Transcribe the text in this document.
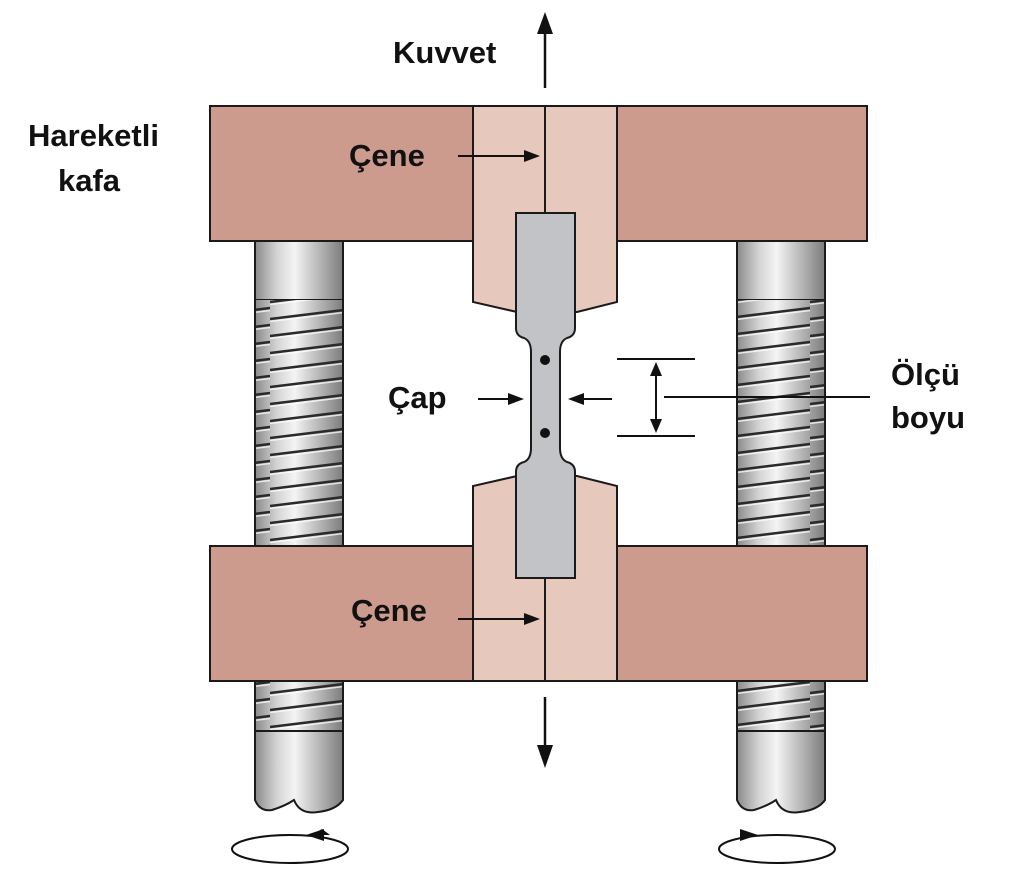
Kuvvet
Hareketli
kafa
Çene
Çap
Ölçü
boyu
Çene
